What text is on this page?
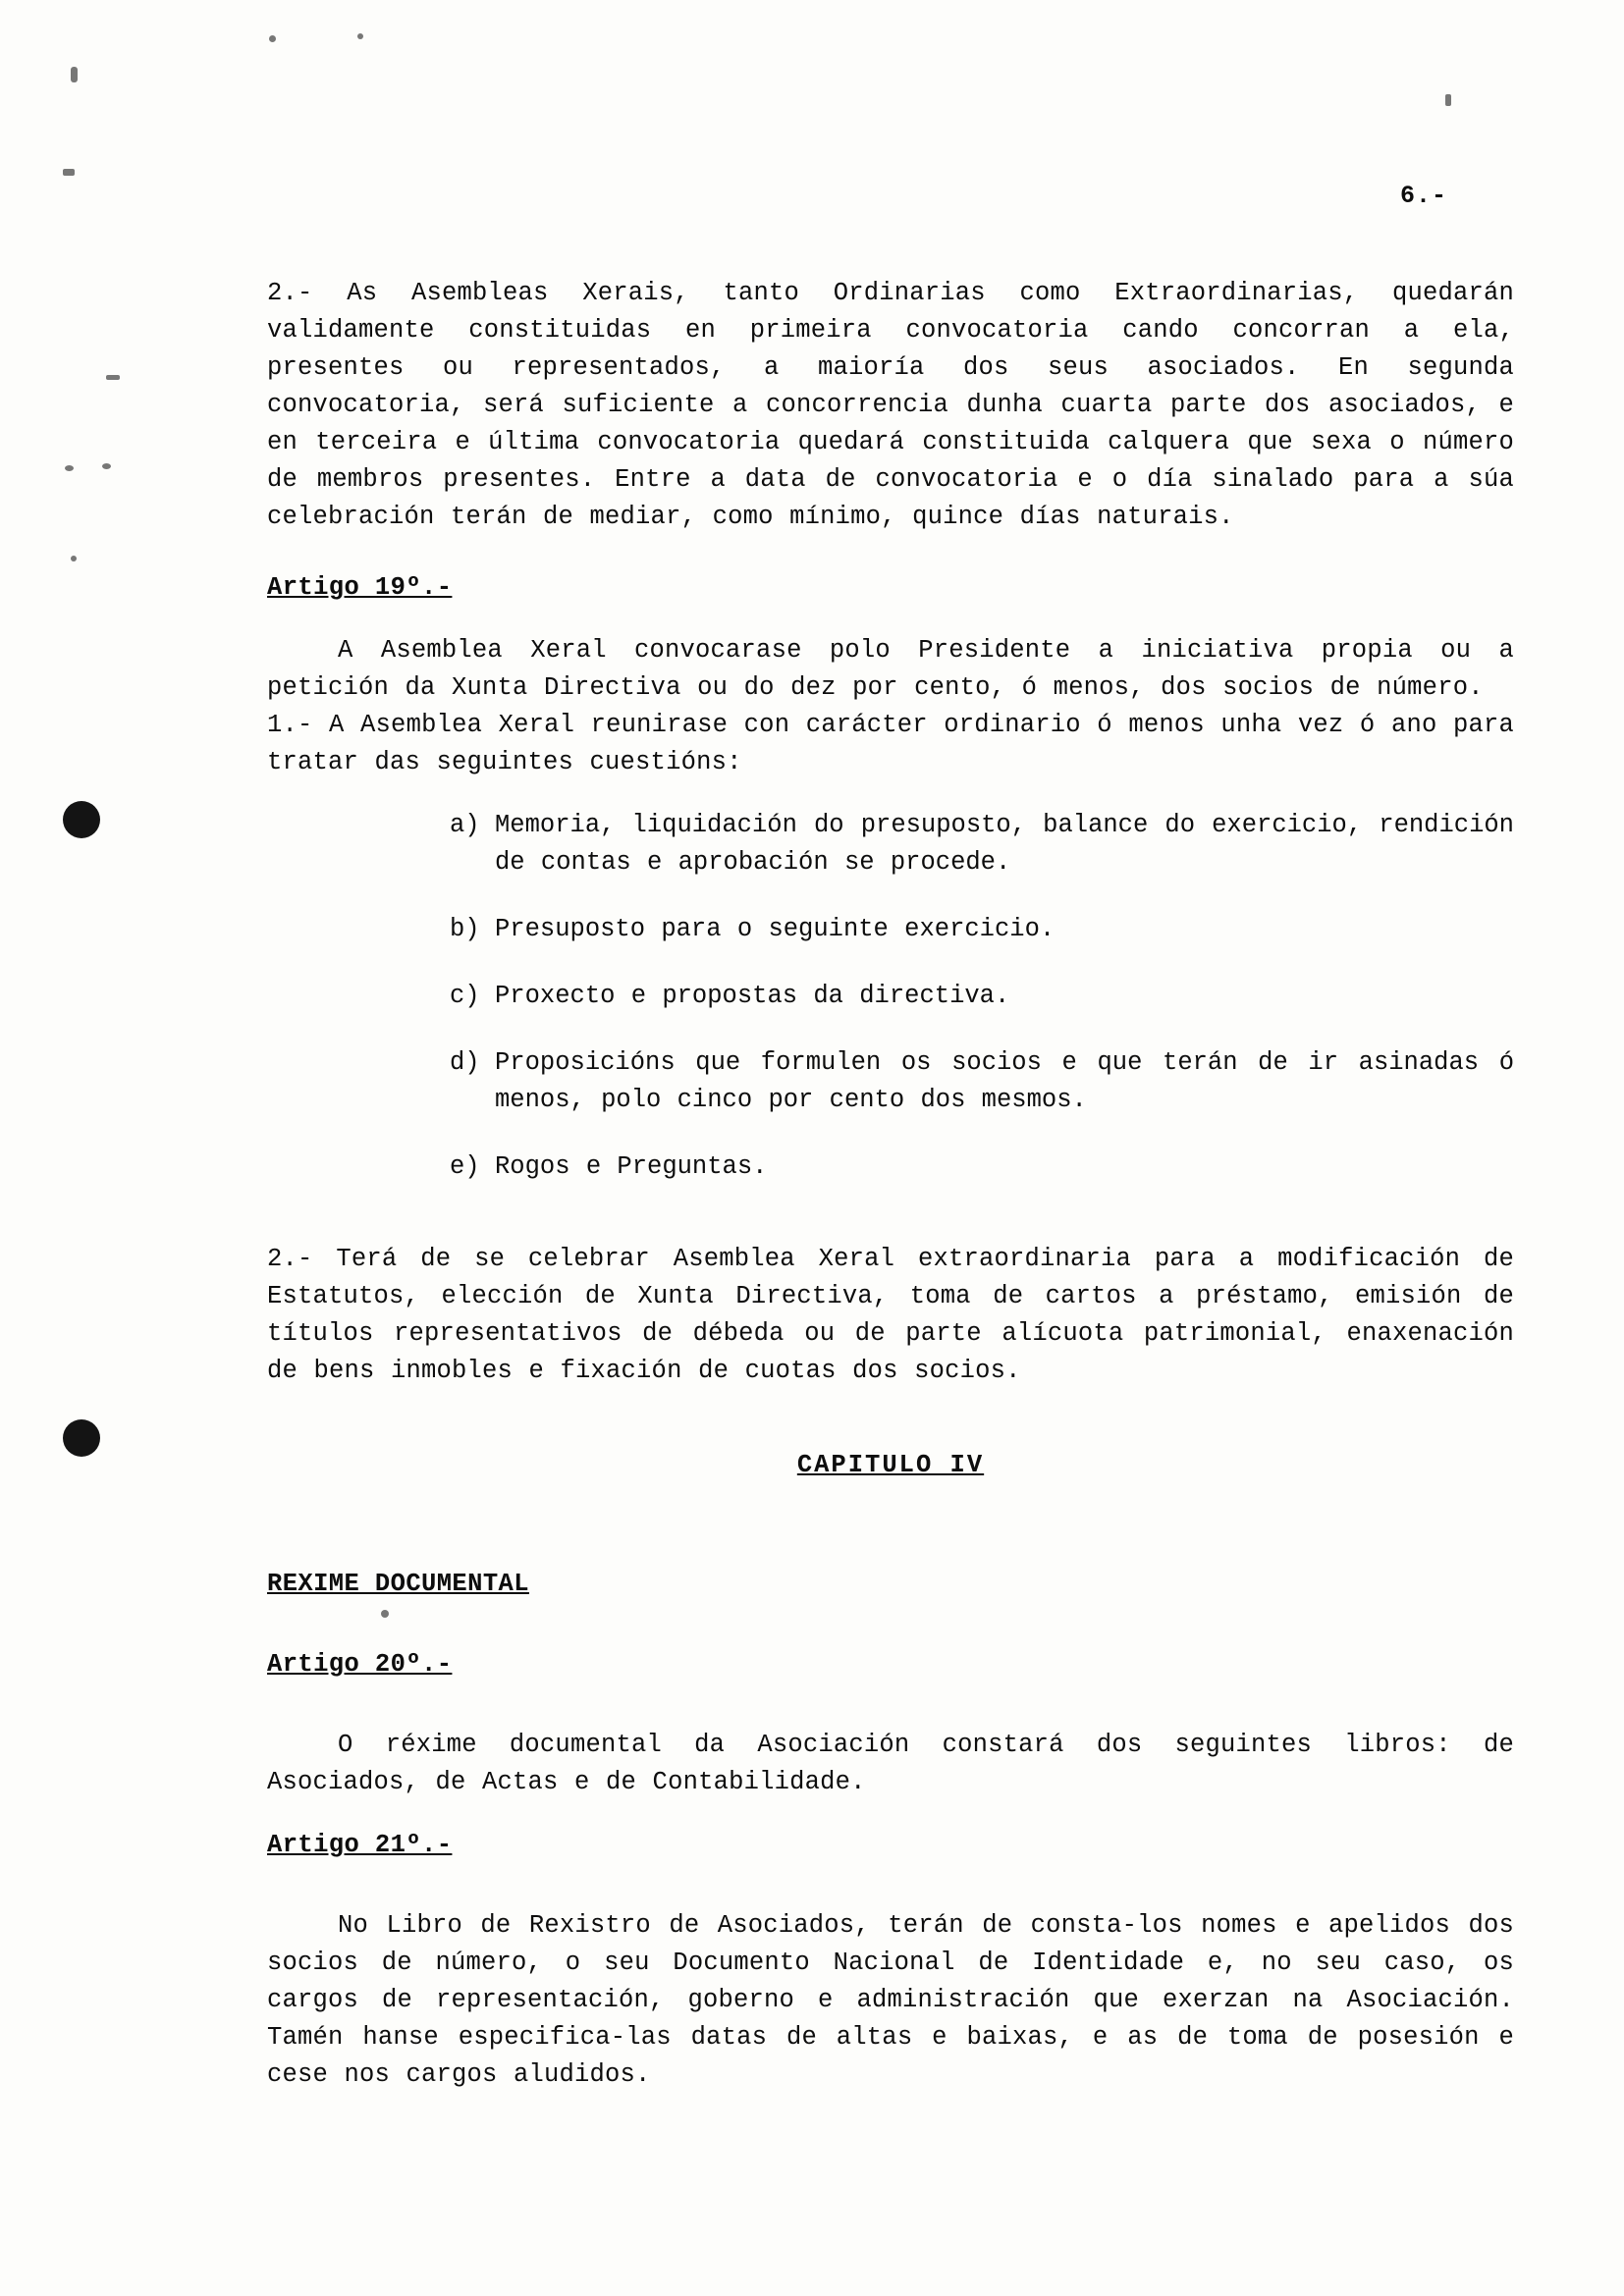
6.-

2.- As Asembleas Xerais, tanto Ordinarias como Extraordinarias, quedarán validamente constituidas en primeira convocatoria cando concorran a ela, presentes ou representados, a maioría dos seus asociados. En segunda convocatoria, será suficiente a concorrencia dunha cuarta parte dos asociados, e en terceira e última convocatoria quedará constituida calquera que sexa o número de membros presentes. Entre a data de convocatoria e o día sinalado para a súa celebración terán de mediar, como mínimo, quince días naturais.

Artigo 19º.-

A Asemblea Xeral convocarase polo Presidente a iniciativa propia ou a petición da Xunta Directiva ou do dez por cento, ó menos, dos socios de número.

1.- A Asemblea Xeral reunirase con carácter ordinario ó menos unha vez ó ano para tratar das seguintes cuestións:

a) Memoria, liquidación do presuposto, balance do exercicio, rendición de contas e aprobación se procede.
b) Presuposto para o seguinte exercicio.
c) Proxecto e propostas da directiva.
d) Proposicións que formulen os socios e que terán de ir asinadas ó menos, polo cinco por cento dos mesmos.
e) Rogos e Preguntas.

2.- Terá de se celebrar Asemblea Xeral extraordinaria para a modificación de Estatutos, elección de Xunta Directiva, toma de cartos a préstamo, emisión de títulos representativos de débeda ou de parte alícuota patrimonial, enaxenación de bens inmobles e fixación de cuotas dos socios.

CAPITULO IV

REXIME DOCUMENTAL

Artigo 20º.-

O réxime documental da Asociación constará dos seguintes libros: de Asociados, de Actas e de Contabilidade.

Artigo 21º.-

No Libro de Rexistro de Asociados, terán de consta-los nomes e apelidos dos socios de número, o seu Documento Nacional de Identidade e, no seu caso, os cargos de representación, goberno e administración que exerzan na Asociación. Tamén hanse especifica-las datas de altas e baixas, e as de toma de posesión e cese nos cargos aludidos.
